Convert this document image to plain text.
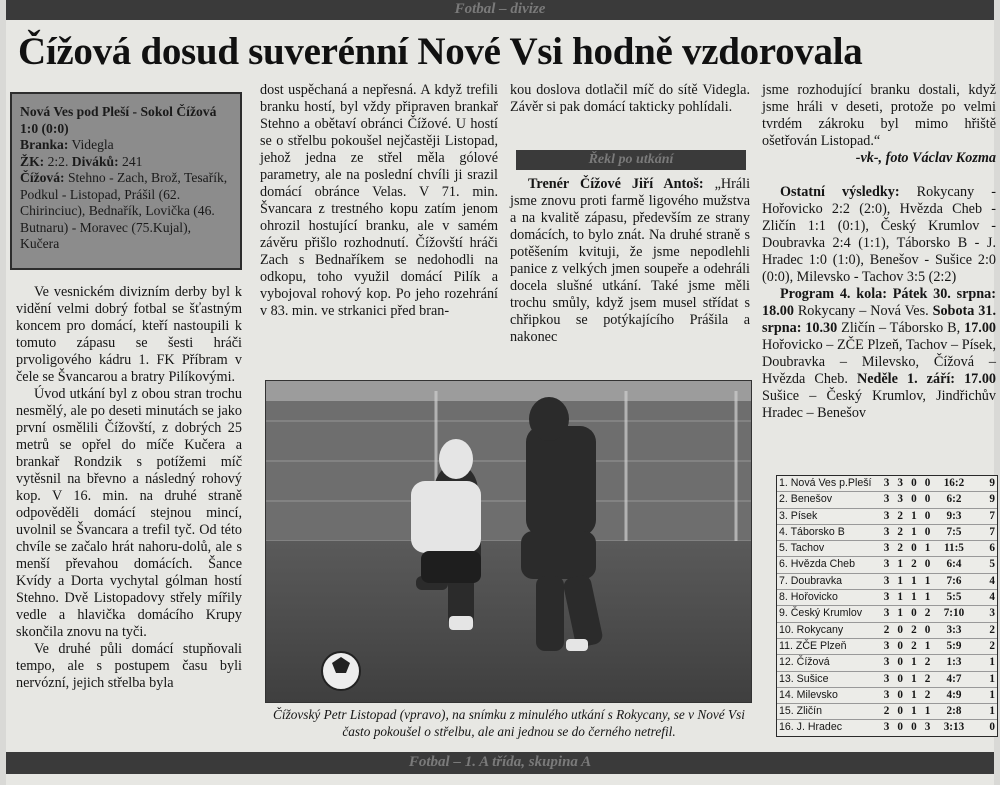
Fotbal – divize
Čížová dosud suverénní Nové Vsi hodně vzdorovala
Nová Ves pod Pleší - Sokol Čížová 1:0 (0:0)
Branka: Videgla
ŽK: 2:2. Diváků: 241
Čížová: Stehno - Zach, Brož, Tesařík, Podkul - Listopad, Prášil (62. Chirinciuc), Bednařík, Lovička (46. Butnaru) - Moravec (75.Kujal), Kučera

Ve vesnickém divizním derby byl k vidění velmi dobrý fotbal se šťastným koncem pro domácí, kteří nastoupili k tomuto zápasu se šesti hráči prvoligového kádru 1. FK Příbram v čele se Švancarou a bratry Pilíkovými.

Úvod utkání byl z obou stran trochu nesmělý, ale po deseti minutách se jako první osmělili Čížovští, z dobrých 25 metrů se opřel do míče Kučera a brankař Rondzik s potížemi míč vytěsnil na břevno a následný rohový kop. V 16. min. na druhé straně odpověděli domácí stejnou mincí, uvolnil se Švancara a trefil tyč. Od této chvíle se začalo hrát nahoru-dolů, ale s menší převahou domácích. Šance Kvídy a Dorta vychytal gólman hostí Stehno. Dvě Listopadovy střely mířily vedle a hlavička domácího Krupy skončila znovu na tyči.

Ve druhé půli domácí stupňovali tempo, ale s postupem času byli nervózní, jejich střelba byla

dost uspěchaná a nepřesná. A když trefili branku hostí, byl vždy připraven brankař Stehno a obětaví obránci Čížové. U hostí se o střelbu pokoušel nejčastěji Listopad, jehož jedna ze střel měla gólové parametry, ale na poslední chvíli ji srazil domácí obránce Velas. V 71. min. Švancara z trestného kopu zatím jenom ohrozil hostující branku, ale v samém závěru přišlo rozhodnutí. Čížovští hráči Zach s Bednaříkem se nedohodli na odkopu, toho využil domácí Pilík a vybojoval rohový kop. Po jeho rozehrání v 83. min. ve strkanici před bran-

kou doslova dotlačil míč do sítě Videgla. Závěr si pak domácí takticky pohlídali.

Řekl po utkání

Trenér Čížové Jiří Antoš: „Hráli jsme znovu proti farmě ligového mužstva a na kvalitě zápasu, především ze strany domácích, to bylo znát. Na druhé straně s potěšením kvituji, že jsme nepodlehli panice z velkých jmen soupeře a odehráli docela slušné utkání. Také jsme měli trochu smůly, když jsem musel střídat s chřipkou se potýkajícího Prášila a nakonec

jsme rozhodující branku dostali, když jsme hráli v deseti, protože po velmi tvrdém zákroku byl mimo hřiště ošetřován Listopad.“
-vk-, foto Václav Kozma

Ostatní výsledky: Rokycany - Hořovicko 2:2 (2:0), Hvězda Cheb - Zličín 1:1 (0:1), Český Krumlov - Doubravka 2:4 (1:1), Táborsko B - J. Hradec 1:0 (1:0), Benešov - Sušice 2:0 (0:0), Milevsko - Tachov 3:5 (2:2)

Program 4. kola: Pátek 30. srpna: 18.00 Rokycany – Nová Ves. Sobota 31. srpna: 10.30 Zličín – Táborsko B, 17.00 Hořovicko – ZČE Plzeň, Tachov – Písek, Doubravka – Milevsko, Čížová – Hvězda Cheb. Neděle 1. září: 17.00 Sušice – Český Krumlov, Jindřichův Hradec – Benešov

Čížovský Petr Listopad (vpravo), na snímku z minulého utkání s Rokycany, se v Nové Vsi často pokoušel o střelbu, ale ani jednou se do černého netrefil.
1. Nová Ves p.Pleší	3 3 0 0	16:2	9
2. Benešov	3 3 0 0	6:2	9
3. Písek	3 2 1 0	9:3	7
4. Táborsko B	3 2 1 0	7:5	7
5. Tachov	3 2 0 1	11:5	6
6. Hvězda Cheb	3 1 2 0	6:4	5
7. Doubravka	3 1 1 1	7:6	4
8. Hořovicko	3 1 1 1	5:5	4
9. Český Krumlov	3 1 0 2	7:10	3
10. Rokycany	2 0 2 0	3:3	2
11. ZČE Plzeň	3 0 2 1	5:9	2
12. Čížová	3 0 1 2	1:3	1
13. Sušice	3 0 1 2	4:7	1
14. Milevsko	3 0 1 2	4:9	1
15. Zličín	2 0 1 1	2:8	1
16. J. Hradec	3 0 0 3	3:13	0
Fotbal – 1. A třída, skupina A
